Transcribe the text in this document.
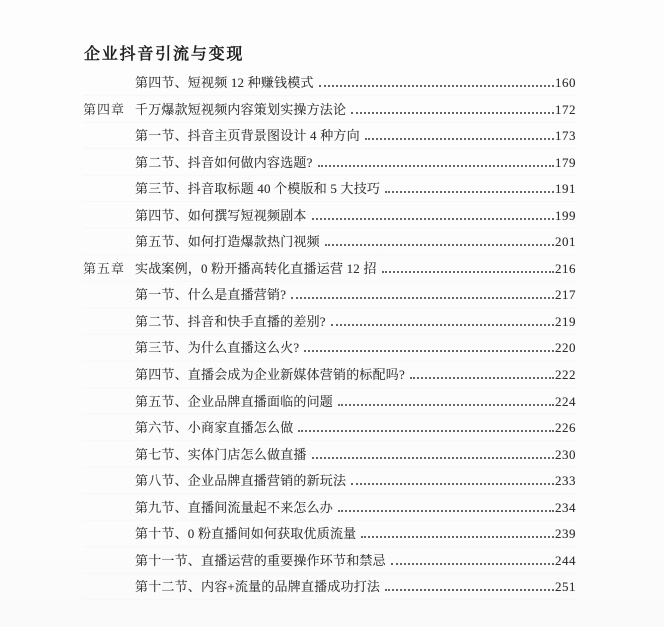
企业抖音引流与变现
第四节、短视频 12 种赚钱模式	160
第四章 千万爆款短视频内容策划实操方法论	172
第一节、抖音主页背景图设计 4 种方向	173
第二节、抖音如何做内容选题?	179
第三节、抖音取标题 40 个模版和 5 大技巧	191
第四节、如何撰写短视频剧本	199
第五节、如何打造爆款热门视频	201
第五章 实战案例，0 粉开播高转化直播运营 12 招	216
第一节、什么是直播营销?	217
第二节、抖音和快手直播的差别?	219
第三节、为什么直播这么火?	220
第四节、直播会成为企业新媒体营销的标配吗?	222
第五节、企业品牌直播面临的问题	224
第六节、小商家直播怎么做	226
第七节、实体门店怎么做直播	230
第八节、企业品牌直播营销的新玩法	233
第九节、直播间流量起不来怎么办	234
第十节、0 粉直播间如何获取优质流量	239
第十一节、直播运营的重要操作环节和禁忌	244
第十二节、内容+流量的品牌直播成功打法	251
